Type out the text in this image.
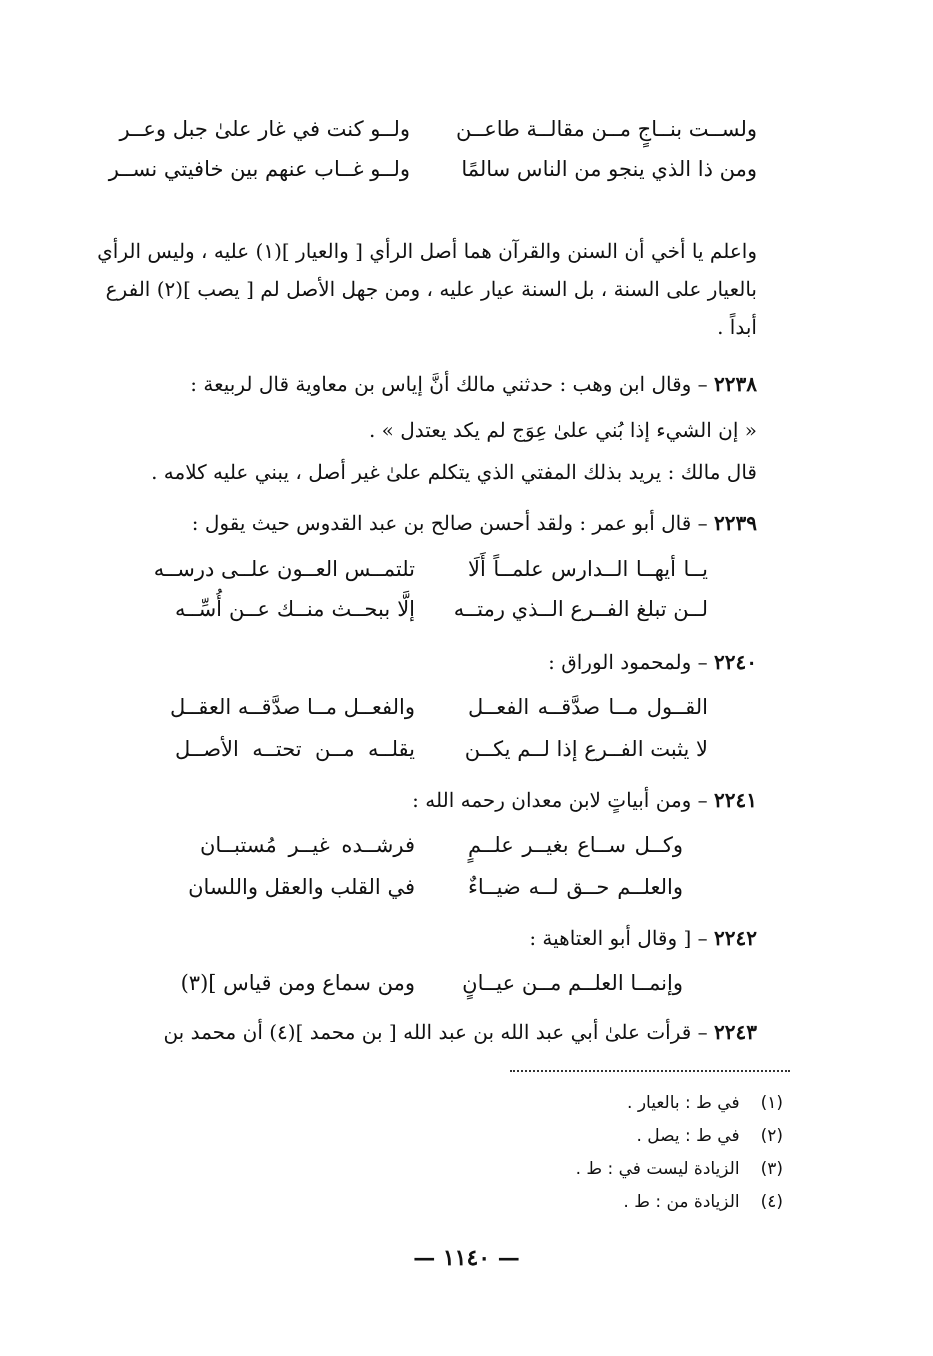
ولســت بنــاجٍ مــن مقالــة طاعــن
ولــو كنت في غار علىٰ جبل وعــر
ومن ذا الذي ينجو من الناس سالمًا
ولــو غــاب عنهم بين خافيتي نســر
واعلم يا أخي أن السنن والقرآن هما أصل الرأي [ والعيار ](١) عليه ، وليس الرأي
بالعيار على السنة ، بل السنة عيار عليه ، ومن جهل الأصل لم [ يصب ](٢) الفرع
أبداً .
٢٢٣٨ – وقال ابن وهب : حدثني مالك أنَّ إياس بن معاوية قال لربيعة :
« إن الشيء إذا بُني علىٰ عِوَج لم يكد يعتدل » .
قال مالك : يريد بذلك المفتي الذي يتكلم علىٰ غير أصل ، يبني عليه كلامه .
٢٢٣٩ – قال أبو عمر : ولقد أحسن صالح بن عبد القدوس حيث يقول :
يــا أيهــا الــدارس علمــاً أَلَا
تلتمــس العــون علــى درســه
لــن تبلغ الفــرع الــذي رمتــه
إلَّا ببحــث منــك عــن أُسِّــه
٢٢٤٠ – ولمحمود الوراق :
القــول مــا صدَّقــه الفعــل
والفعــل مــا صدَّقــه العقــل
لا يثبت الفــرع إذا لــم يكــن
يقلــه مــن تحتــه الأصــل
٢٢٤١ – ومن أبياتٍ لابن معدان رحمه الله :
وكــل ســاع بغيــر علــمٍ
فرشــده غيــر مُستبــان
والعلــم حــق لــه ضيــاءٌ
في القلب والعقل واللسان
٢٢٤٢ – [ وقال أبو العتاهية :
وإنمــا العلــم مــن عيــانٍ
ومن سماع ومن قياس ](٣)
٢٢٤٣ – قرأت علىٰ أبي عبد الله بن عبد الله [ بن محمد ](٤) أن محمد بن
(١) في ط : بالعيار .
(٢) في ط : يصل .
(٣) الزيادة ليست في : ط .
(٤) الزيادة من : ط .
— ١١٤٠ —
